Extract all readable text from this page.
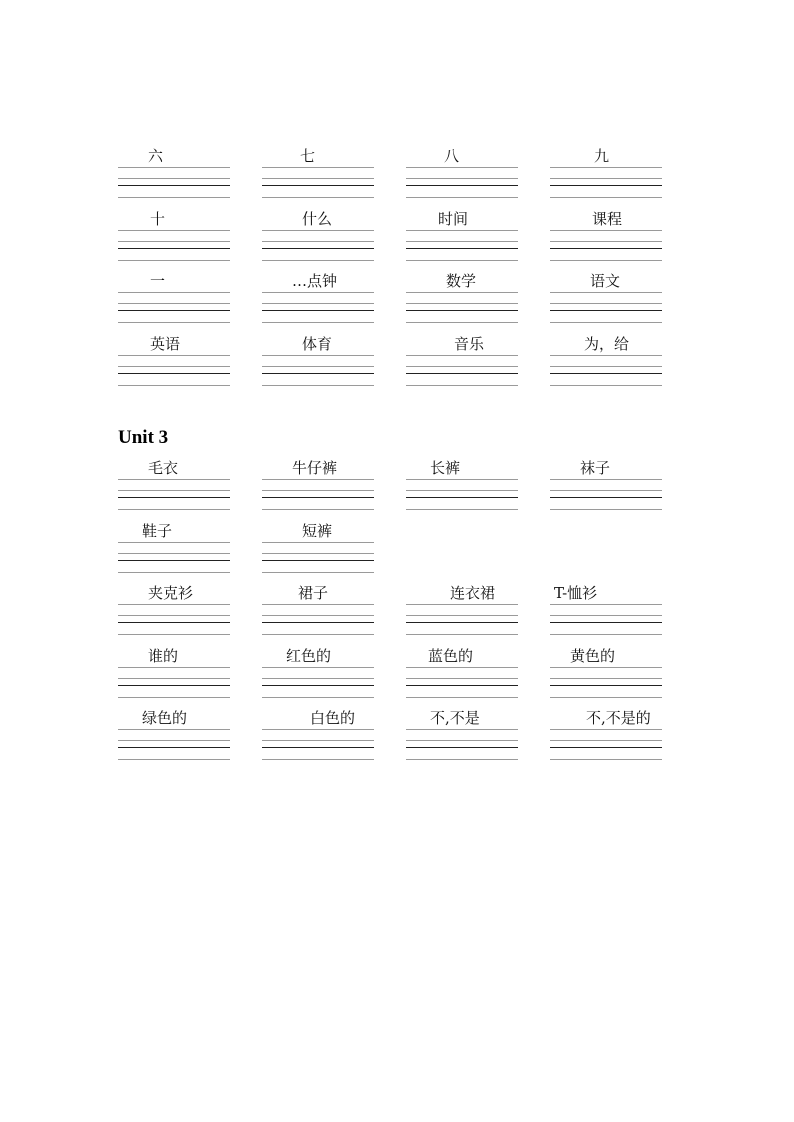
六	七	八	九
十	什么	时间	课程
一	…点钟	数学	语文
英语	体育	音乐	为，给
Unit 3
毛衣	牛仔裤	长裤	袜子
鞋子	短裤
夹克衫	裙子	连衣裙	T-恤衫
谁的	红色的	蓝色的	黄色的
绿色的	白色的	不,不是	不,不是的
